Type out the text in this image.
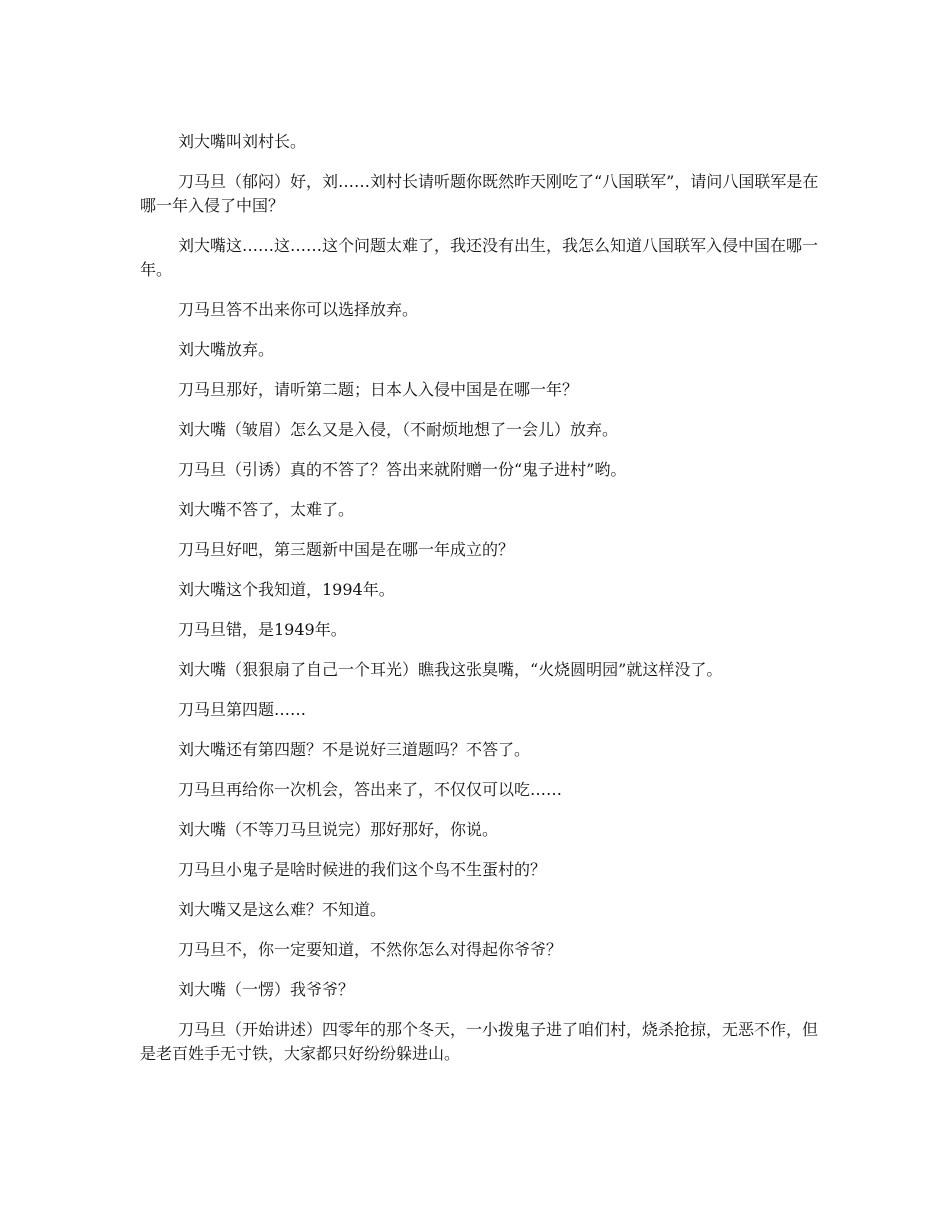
刘大嘴叫刘村长。

刀马旦（郁闷）好，刘……刘村长请听题你既然昨天刚吃了“八国联军”，请问八国联军是在哪一年入侵了中国？

刘大嘴这……这……这个问题太难了，我还没有出生，我怎么知道八国联军入侵中国在哪一年。

刀马旦答不出来你可以选择放弃。

刘大嘴放弃。

刀马旦那好，请听第二题；日本人入侵中国是在哪一年？

刘大嘴（皱眉）怎么又是入侵，（不耐烦地想了一会儿）放弃。

刀马旦（引诱）真的不答了？答出来就附赠一份“鬼子进村”哟。

刘大嘴不答了，太难了。

刀马旦好吧，第三题新中国是在哪一年成立的？

刘大嘴这个我知道，1994年。

刀马旦错，是1949年。

刘大嘴（狠狠扇了自己一个耳光）瞧我这张臭嘴，“火烧圆明园”就这样没了。

刀马旦第四题……

刘大嘴还有第四题？不是说好三道题吗？不答了。

刀马旦再给你一次机会，答出来了，不仅仅可以吃……

刘大嘴（不等刀马旦说完）那好那好，你说。

刀马旦小鬼子是啥时候进的我们这个鸟不生蛋村的？

刘大嘴又是这么难？不知道。

刀马旦不，你一定要知道，不然你怎么对得起你爷爷？

刘大嘴（一愣）我爷爷？

刀马旦（开始讲述）四零年的那个冬天，一小拨鬼子进了咱们村，烧杀抢掠，无恶不作，但是老百姓手无寸铁，大家都只好纷纷躲进山。
